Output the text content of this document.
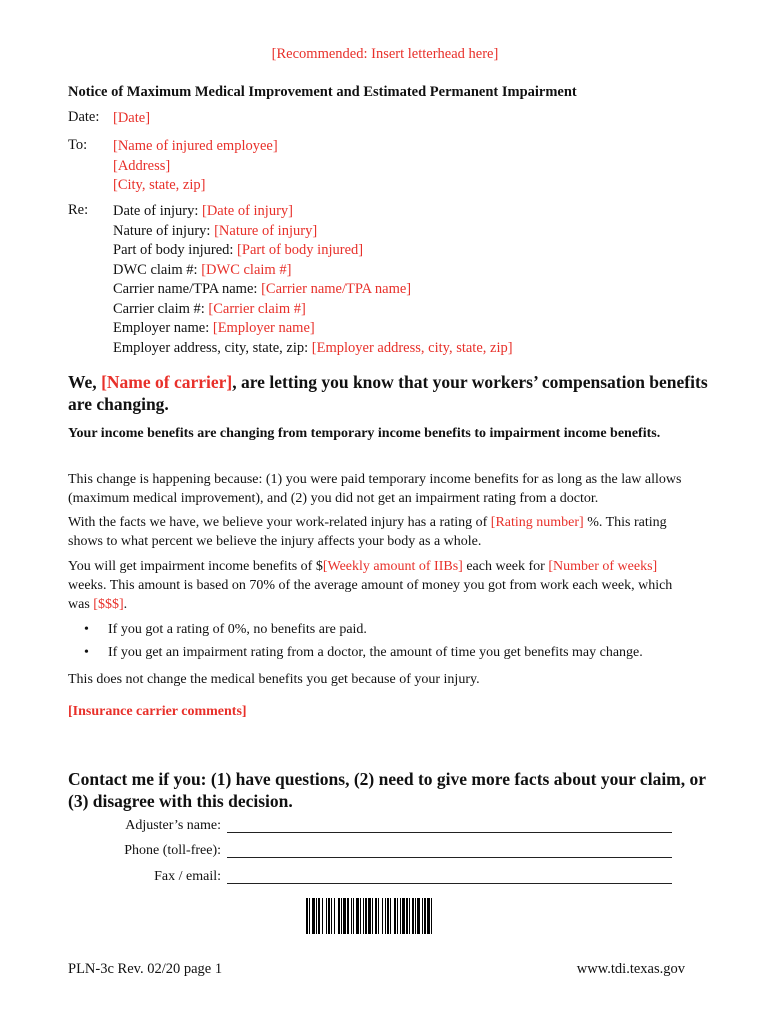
[Recommended: Insert letterhead here]
Notice of Maximum Medical Improvement and Estimated Permanent Impairment
Date: [Date]
To: [Name of injured employee]
[Address]
[City, state, zip]
Re: Date of injury: [Date of injury]
Nature of injury: [Nature of injury]
Part of body injured: [Part of body injured]
DWC claim #: [DWC claim #]
Carrier name/TPA name: [Carrier name/TPA name]
Carrier claim #: [Carrier claim #]
Employer name: [Employer name]
Employer address, city, state, zip: [Employer address, city, state, zip]
We, [Name of carrier], are letting you know that your workers’ compensation benefits are changing.
Your income benefits are changing from temporary income benefits to impairment income benefits.
This change is happening because: (1) you were paid temporary income benefits for as long as the law allows (maximum medical improvement), and (2) you did not get an impairment rating from a doctor.
With the facts we have, we believe your work-related injury has a rating of [Rating number] %. This rating shows to what percent we believe the injury affects your body as a whole.
You will get impairment income benefits of $[Weekly amount of IIBs] each week for [Number of weeks] weeks. This amount is based on 70% of the average amount of money you got from work each week, which was [$$$].
• If you got a rating of 0%, no benefits are paid.
• If you get an impairment rating from a doctor, the amount of time you get benefits may change.
This does not change the medical benefits you get because of your injury.
[Insurance carrier comments]
Contact me if you: (1) have questions, (2) need to give more facts about your claim, or (3) disagree with this decision.
Adjuster’s name:
Phone (toll-free):
Fax / email:
PLN-3c Rev. 02/20 page 1	www.tdi.texas.gov
